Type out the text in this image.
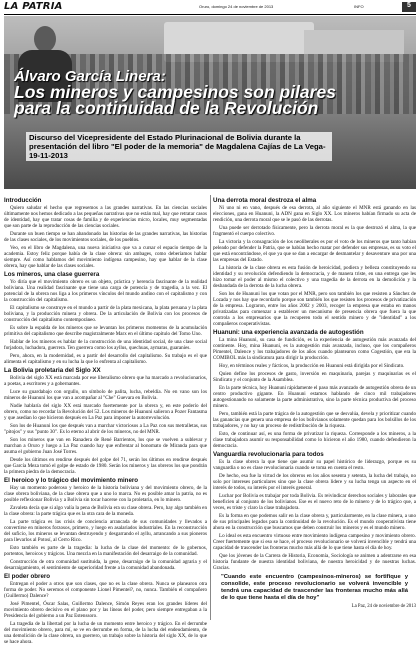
LA PATRIA	Oruro, domingo 24 de noviembre de 2013	INFO	5
Álvaro García Linera:
Los mineros y campesinos son pilares para la continuidad de la Revolución
Discurso del Vicepresidente del Estado Plurinacional de Bolivia durante la presentación del libro "El poder de la memoria" de Magdalena Cajías de La Vega- 19-11-2013
Introducción

Quiero saludar el hecho que regresemos a las grandes narrativas. En las ciencias sociales últimamente nos hemos dedicado a las pequeñas narrativas que no están mal, hay que retratar casos de identidad, hay que tratar cosas de familia y de experiencias micro, locales, muy segmentadas que son parte de la reproducción de las ciencias sociales.

Durante un buen tiempo se han abandonado las historias de las grandes narrativas, las historias de las clases sociales, de los movimientos sociales, de los pueblos.

Veo, en el libro de Magdalena, una nueva iniciativa que va a cursar el espacio tiempo de la academia. Estoy feliz porque había de la clase obrera: sin ambages, como deberíamos hablar siempre. Así como hablamos del movimiento indígena campesino, hay que hablar de la clase obrera, hay que hablar de las clases sociales.

Los mineros, una clase guerrera

Yo diría que el movimiento obrero es un objeto, práctica y herencia fascinante de la realidad boliviana. Una realidad fascinante que tiene una carga de potencia y de tragedia, a la vez. El potencial de la obrera nos liga a los primeros vínculos del mundo andino con el capitalismo y con la construcción del capitalismo.

El capitalismo se construye en el mundo a partir de la plata mexicana, la plata peruana y la plata boliviana, y la producción minera y obrera. De la articulación de Bolivia con los procesos de construcción del capitalismo contemporáneo.

Es sobre la espalda de los mineros que se levantan los primeros momentos de la acumulación primitiva del capitalismo que describe magistralmente Marx en el último capítulo del Tomo Uno.

Hablar de los mineros es hablar de la construcción de una identidad social, de una clase social forjadora, luchadora, guerrera. Ten guerrera como los ayllus, quechuas, aymaras, guaraníes.

Pero, ahora, en la modernidad, es a partir del desarrollo del capitalismo. Su trabajo es el que alimenta el capitalismo y en su lucha la que lo enfrenta al capitalismo.

La Bolivia proletaria del Siglo XX

Bolivia del siglo XX está marcada por ese liberalismo obrero que ha marcado a revolucionarios, a poetas, a escritores y a gobernantes.

Luce su guardabajo con orgullo, un símbolo de palita, lucha, rebeldía. No en vano son los mineros de Huanuni los que van a acompañar al "Che" Guevara en Bolivia.

Nadie hablaría del siglo XX está marcado fuertemente por la obrera y, en este poderío del obrero, como no recordar la Revolución del 52. Los mineros de Huanuni salieron a Pozer Fantasma y que asedian lo que hicieron después en La Paz para imponer la autorrevolución.

Son los de Huanuni los que después van a marchar victoriosos a La Paz con sus metralletas, sus "pitojos" y sus "punto 30". Es lo eterno al abrir de los mineros, no del MNR.

Son los mineros que van en Ranadera de René Barrientos, los que se vuelven a sublevar y marchan a Oruro y luego a La Paz cuando hay que enfrentar al bonomato de Miranda para que asuma el gobierno Juan José Torres.

Desde los últimos en rendirse después del golpe del 71, serán los últimos en rendirse después que García Meza tomó el golpe de estado de 1980. Serán los mineros y las obreros los que pondrán la primera piedra de la democracia.

El heroico y lo trágico del movimiento minero

Hay un momento poderoso y heroico de la historia boliviana y del movimiento obrero, de la clase obrera boliviana, de la clase obrera que a uno lo marca. No es posible amar la patria, no es posible reflexionar Bolivia y a Bolivia sin tocar hacerse con la proletaria, en lo minero.

Zavaleta decía que si algo valía la pena de Bolivia era su clase obrera. Pero, hay algo también en la clase obrera: la parte trágica que es la otra cara de la moneda.

La parte trágica es las crisis de conciencia arrancada de sus comunidades y llevados a convertirse en mineros forzosos, primero, y luego en asalariados industriales. En la reconstrucción del suficio, los mineros se levantan destruyendo y desgarrando el ayllu, arrancando a sus pioneros para llevarlos al Potosí, al Cerro Rico.

Esto también es parte de la tragedia: la lucha de la clase del momento: de lo gobernos, portentos, heroicos y trágicos. Una mezcla en la manifestación del desarraigo de la comunidad.

Construcción de otra comunidad sustituida, la gene, desarraigo de la comunidad agraria y el desarraigamiento, el sentimiento de superioridad frente a la comunidad abandonada.

El poder obrero

Entregan el poder a otros que son clases, que no es la clase obrera. Nunca se planearon otra forma de poder. No seremos el componente Lionel Pimentel?, no, nunca. También el compañero (Guillermo) Dalence?

José Pimentel, Óscar Salas, Guillermo Dalence, Simón Reyes eran los grandes líderes del movimiento obrero decisivo en el plano por y las líneas del poder, pero siempre entregaban a la Presidencia del gobierno a un Paz Estenssoro.

La tragedia de la libertad por la lucha de un momento entre heroico y trágico. En el derrumbe del movimiento obrero, para mí, se ve en derrumbe en forma, de la lucha del endeudamiento, de una demolición de la clase obrera, un guerrero, un trabajo sobre la historia del siglo XX, de lo que se hace ahora.

Una derrota moral destroza el alma

Ni uno ni en vano, después de esa derrota, al año siguiente el MNR está ganando en las elecciones, gana en Huanuni, la ADN gana en Siglo XX. Los mineros habían firmado su acta de rendición, una derrota moral que se le pasó de las derrotas.

Una puede ser derrotado físicamente, pero la derrota moral es la que destrozó el alma, la que fragmentó el cuerpo colectivo.

La victoria y la consagración de los neoliberales es por el voto de los mineros que tanto habían peleado por defender la Patria, que se habían hecho matar por defender sus empresas, es su voto el que está encontrándose, el que ya que se dan a encargar de desmantelar y desaventure una por una las empresas del Estado.

La historia de la clase obrera es esta fusión de heroicidad, podiera y belleza constituyendo su identidad y su revolución defendiendo la democracia, y de manera triste, en una entrega que les hizo tomar el poder al mismo el colectivo y una tragedia de la derrota en la demolición y la desbandada de la derrota de la lucha obrera.

Son los de Huanuni los que votan por el MNR, pero son también los que resisten a Sánchez de Lozada y nos hay que recordarlo porque son también los que resisten los procesos de privatización de la empresa. Lograron, entre los años 2002 y 2003, recoger la empresa que estaba en manos privatizadas para comenzar a establecer un mecanismo de presencia obrera que fuera la que controla a los empresarios que la recuperen todo el sentido minero y de "identidad" a los compañeros cooperativistas.

Huanuni: una experiencia avanzada de autogestión

La mina Huanuni, su casa de fundición, es la experiencia de autogestión más avanzada del continente. Hoy, mina Huanuni, es la autogestión más avanzada, incluso, que los compañeros Pimentel, Dalence y los trabajadores de los años cuando plantearon como Cogestión, que era la COMIBOL más la sindicatura para dirigir la producción.

Hoy, en términos reales y fácticos, la producción en Huanuni está dirigida por el Sindicato.

Quien define los procesos de gasto, inversión en maquinaria, parejas y maquinarias es el Sindicato y el conjunto de la Asamblea.

En la parte técnica, hoy Huanuni rápidamente el paso más avanzado de autogestión obrera de un centro productivo gigante. En Huanuni estamos hablando de cinco mil trabajadores autogestionando no solamente la parte administrativa, sino la parte técnica productiva del proceso minero.

Pero, también está la parte trágica de la autogestión que se desvalúa, devela y prioritizar cuando las ganancias que genera una empresa de los bolivianos solamente quedan para los bolsillos de los trabajadores, y no hay un proceso de redistribución de la riqueza.

Esto, de continuar así, es una forma de privatizar la riqueza. Corresponde a los mineros, a la clase trabajadora asumir su responsabilidad como lo hicieron el año 1980, cuando defendieron la democracia.

Vanguardia revolucionaria para todos

Es la clase obrera la que tiene que asumir su papel histórico de liderazgo, porque es su vanguardia o no es clase revolucionaria cuando se toma en cuenta el resto.

De hecho, esa fue la virtud de los obreros en los años sesenta y setenta, la lucha del trabajo, no solo por intereses particulares sino que la clase obrera lidere y su lucha tenga un aspecto en el interés de todos, su interés por el interés general.

Luchar por Bolivia es trabajar por toda Bolivia. Es reivindicar derechos sociales y laborales que beneficien al conjunto de los bolivianos. Ese es el nuevo reto de lo minero y de lo trágico que, a veces, es triste y claro la clase trabajadora.

Es la forma en que podemos salir en la clase obrera y, particularmente, en la clase minera, a uno de sus principales legados para la continuidad de la revolución. Es el mundo cooperativista tiene ahora en la construcción que buscamos que deben construir los mineros y es el mundo minero.

Lo ideal es esta encuentro virtuoso entre movimiento indígena campesino y movimiento obrero. Creer fuertemente que si eso se hace, el proceso revolucionario se volverá invencible y tendrá una capacidad de trascender las fronteras mucho más allá de lo que tiene hasta el día de hoy.

Que los jóvenes de la Carrera de Historia, Economía, Sociología se animen a adentrarse en esa historia fundante de nuestra identidad boliviana, de nuestra heroicidad y de nuestras luchas. Gracias.

"Cuando este encuentro (campesinos-mineros) se fortifique y consolide, este proceso revolucionario se volverá invencible y tendrá una capacidad de trascender las fronteras mucho más allá de lo que tiene hasta el día de hoy"
La Paz, 24 de noviembre de 2013
